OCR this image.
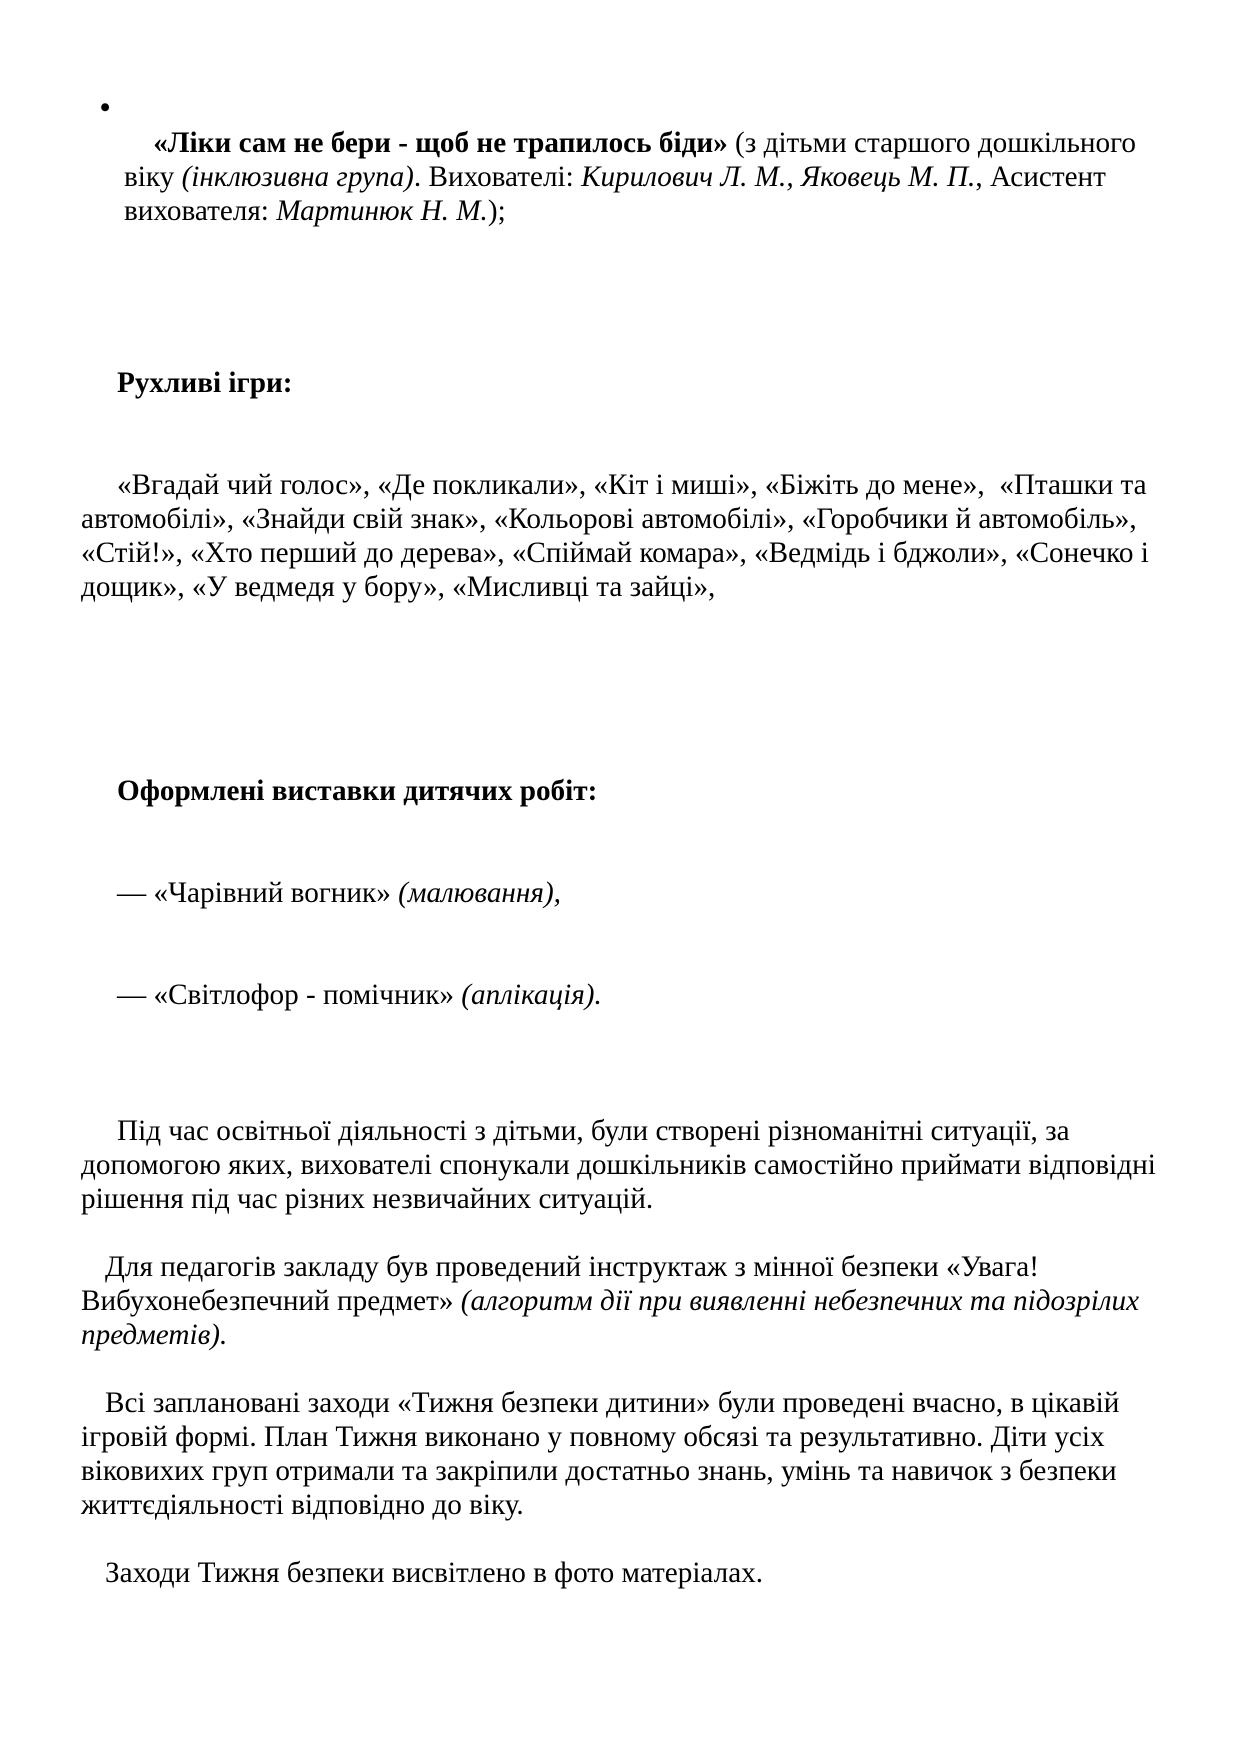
•
«Ліки сам не бери - щоб не трапилось біди» (з дітьми старшого дошкільного віку (інклюзивна група). Вихователі: Кирилович Л. М., Яковець М. П., Асистент вихователя: Мартинюк Н. М.);

Рухливі ігри:

«Вгадай чий голос», «Де покликали», «Кіт і миші», «Біжіть до мене»,  «Пташки та автомобілі», «Знайди свій знак», «Кольорові автомобілі», «Горобчики й автомобіль», «Стій!», «Хто перший до дерева», «Спіймай комара», «Ведмідь і бджоли», «Сонечко і дощик», «У ведмедя у бору», «Мисливці та зайці»,

Оформлені виставки дитячих робіт:

— «Чарівний вогник» (малювання),

— «Світлофор - помічник» (аплікація).

Під час освітньої діяльності з дітьми, були створені різноманітні ситуації, за допомогою яких, вихователі спонукали дошкільників самостійно приймати відповідні рішення під час різних незвичайних ситуацій.
Для педагогів закладу був проведений інструктаж з мінної безпеки «Увага! Вибухонебезпечний предмет» (алгоритм дії при виявленні небезпечних та підозрілих предметів).
Всі заплановані заходи «Тижня безпеки дитини» були проведені вчасно, в цікавій ігровій формі. План Тижня виконано у повному обсязі та результативно. Діти усіх віковихих груп отримали та закріпили достатньо знань, умінь та навичок з безпеки життєдіяльності відповідно до віку.
Заходи Тижня безпеки висвітлено в фото матеріалах.
